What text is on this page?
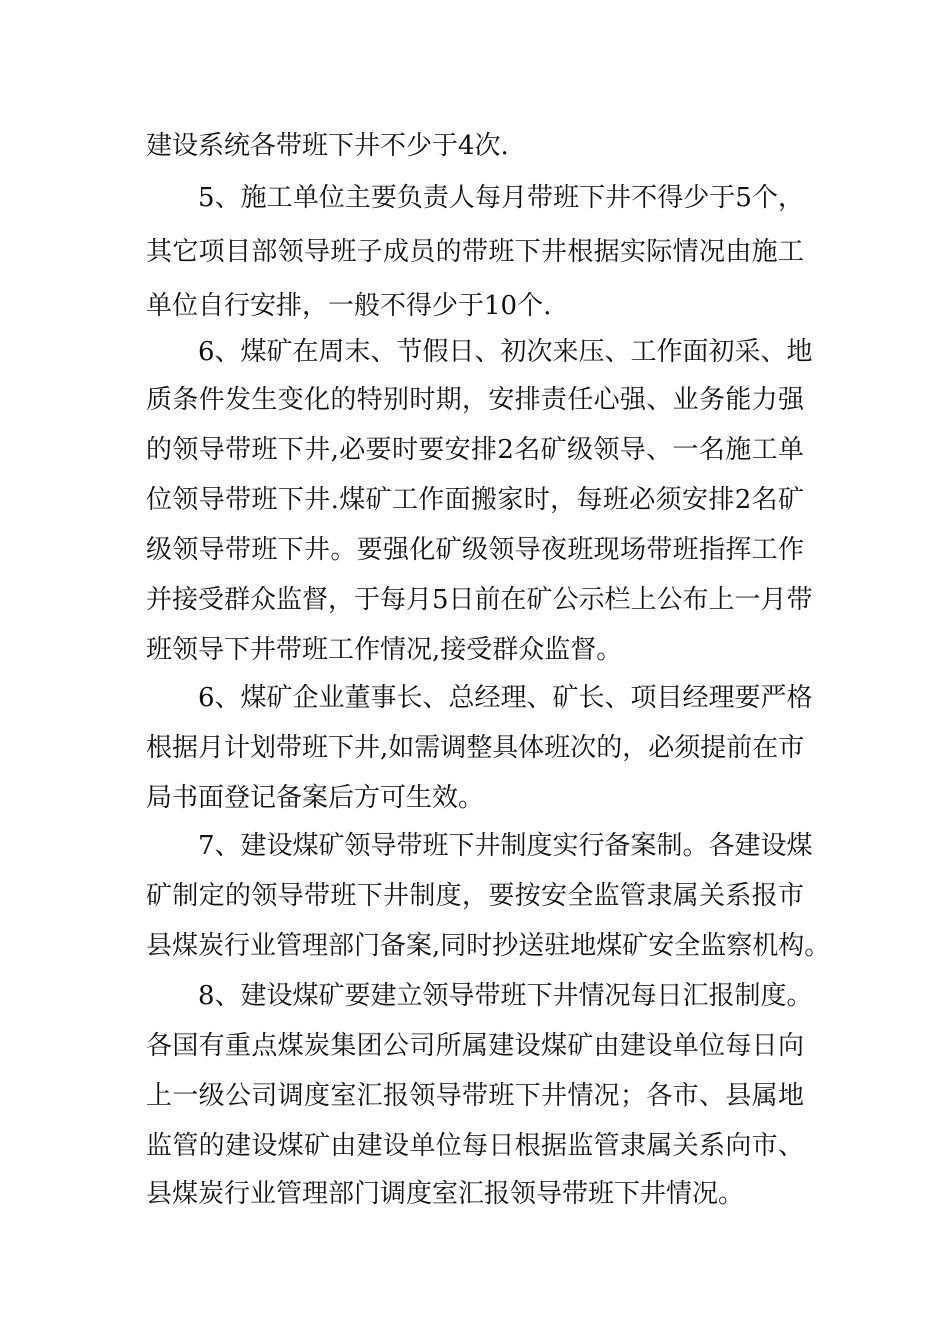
建设系统各带班下井不少于4次.

5、施工单位主要负责人每月带班下井不得少于5个，

其它项目部领导班子成员的带班下井根据实际情况由施工

单位自行安排，一般不得少于10个.

6、煤矿在周末、节假日、初次来压、工作面初采、地

质条件发生变化的特别时期，安排责任心强、业务能力强

的领导带班下井,必要时要安排2名矿级领导、一名施工单

位领导带班下井.煤矿工作面搬家时，每班必须安排2名矿

级领导带班下井。要强化矿级领导夜班现场带班指挥工作

并接受群众监督，于每月5日前在矿公示栏上公布上一月带

班领导下井带班工作情况,接受群众监督。

6、煤矿企业董事长、总经理、矿长、项目经理要严格

根据月计划带班下井,如需调整具体班次的，必须提前在市

局书面登记备案后方可生效。

7、建设煤矿领导带班下井制度实行备案制。各建设煤

矿制定的领导带班下井制度，要按安全监管隶属关系报市

县煤炭行业管理部门备案,同时抄送驻地煤矿安全监察机构。

8、建设煤矿要建立领导带班下井情况每日汇报制度。

各国有重点煤炭集团公司所属建设煤矿由建设单位每日向

上一级公司调度室汇报领导带班下井情况；各市、县属地

监管的建设煤矿由建设单位每日根据监管隶属关系向市、

县煤炭行业管理部门调度室汇报领导带班下井情况。
